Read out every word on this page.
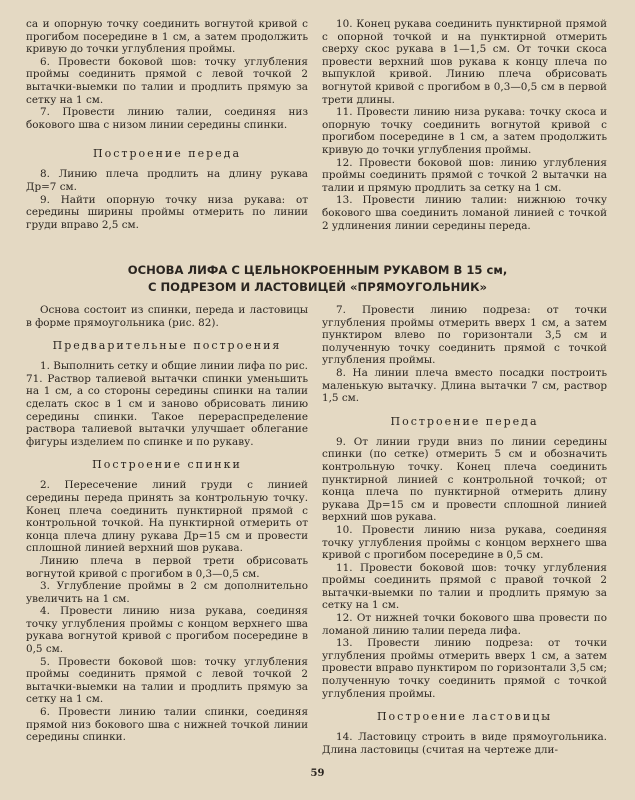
са и опорную точку соединить вогнутой кривой с прогибом посередине в 1 см, а затем продолжить кривую до точки углубления проймы.

6. Провести боковой шов: точку углубления проймы соединить прямой с левой точкой 2 вытачки-выемки по талии и продлить прямую за сетку на 1 см.

7. Провести линию талии, соединяя низ бокового шва с низом линии середины спинки.

Построение переда

8. Линию плеча продлить на длину рукава Др=7 см.

9. Найти опорную точку низа рукава: от середины ширины проймы отмерить по линии груди вправо 2,5 см.

10. Конец рукава соединить пунктирной прямой с опорной точкой и на пунктирной отмерить сверху скос рукава в 1—1,5 см. От точки скоса провести верхний шов рукава к концу плеча по выпуклой кривой. Линию плеча обрисовать вогнутой кривой с прогибом в 0,3—0,5 см в первой трети длины.

11. Провести линию низа рукава: точку скоса и опорную точку соединить вогнутой кривой с прогибом посередине в 1 см, а затем продолжить кривую до точки углубления проймы.

12. Провести боковой шов: линию углубления проймы соединить прямой с точкой 2 вытачки на талии и прямую продлить за сетку на 1 см.

13. Провести линию талии: нижнюю точку бокового шва соединить ломаной линией с точкой 2 удлинения линии середины переда.

ОСНОВА ЛИФА С ЦЕЛЬНОКРОЕННЫМ РУКАВОМ В 15 см,
С ПОДРЕЗОМ И ЛАСТОВИЦЕЙ «ПРЯМОУГОЛЬНИК»

Основа состоит из спинки, переда и ластовицы в форме прямоугольника (рис. 82).

Предварительные построения

1. Выполнить сетку и общие линии лифа по рис. 71. Раствор талиевой вытачки спинки уменьшить на 1 см, а со стороны середины спинки на талии сделать скос в 1 см и заново обрисовать линию середины спинки. Такое перераспределение раствора талиевой вытачки улучшает облегание фигуры изделием по спинке и по рукаву.

Построение спинки

2. Пересечение линий груди с линией середины переда принять за контрольную точку. Конец плеча соединить пунктирной прямой с контрольной точкой. На пунктирной отмерить от конца плеча длину рукава Др=15 см и провести сплошной линией верхний шов рукава.

Линию плеча в первой трети обрисовать вогнутой кривой с прогибом в 0,3—0,5 см.

3. Углубление проймы в 2 см дополнительно увеличить на 1 см.

4. Провести линию низа рукава, соединяя точку углубления проймы с концом верхнего шва рукава вогнутой кривой с прогибом посередине в 0,5 см.

5. Провести боковой шов: точку углубления проймы соединить прямой с левой точкой 2 вытачки-выемки на талии и продлить прямую за сетку на 1 см.

6. Провести линию талии спинки, соединяя прямой низ бокового шва с нижней точкой линии середины спинки.

7. Провести линию подреза: от точки углубления проймы отмерить вверх 1 см, а затем пунктиром влево по горизонтали 3,5 см и полученную точку соединить прямой с точкой углубления проймы.

8. На линии плеча вместо посадки построить маленькую вытачку. Длина вытачки 7 см, раствор 1,5 см.

Построение переда

9. От линии груди вниз по линии середины спинки (по сетке) отмерить 5 см и обозначить контрольную точку. Конец плеча соединить пунктирной линией с контрольной точкой; от конца плеча по пунктирной отмерить длину рукава Др=15 см и провести сплошной линией верхний шов рукава.

10. Провести линию низа рукава, соединяя точку углубления проймы с концом верхнего шва кривой с прогибом посередине в 0,5 см.

11. Провести боковой шов: точку углубления проймы соединить прямой с правой точкой 2 вытачки-выемки по талии и продлить прямую за сетку на 1 см.

12. От нижней точки бокового шва провести по ломаной линию талии переда лифа.

13. Провести линию подреза: от точки углубления проймы отмерить вверх 1 см, а затем провести вправо пунктиром по горизонтали 3,5 см; полученную точку соединить прямой с точкой углубления проймы.

Построение ластовицы

14. Ластовицу строить в виде прямоугольника. Длина ластовицы (считая на чертеже дли-

59
